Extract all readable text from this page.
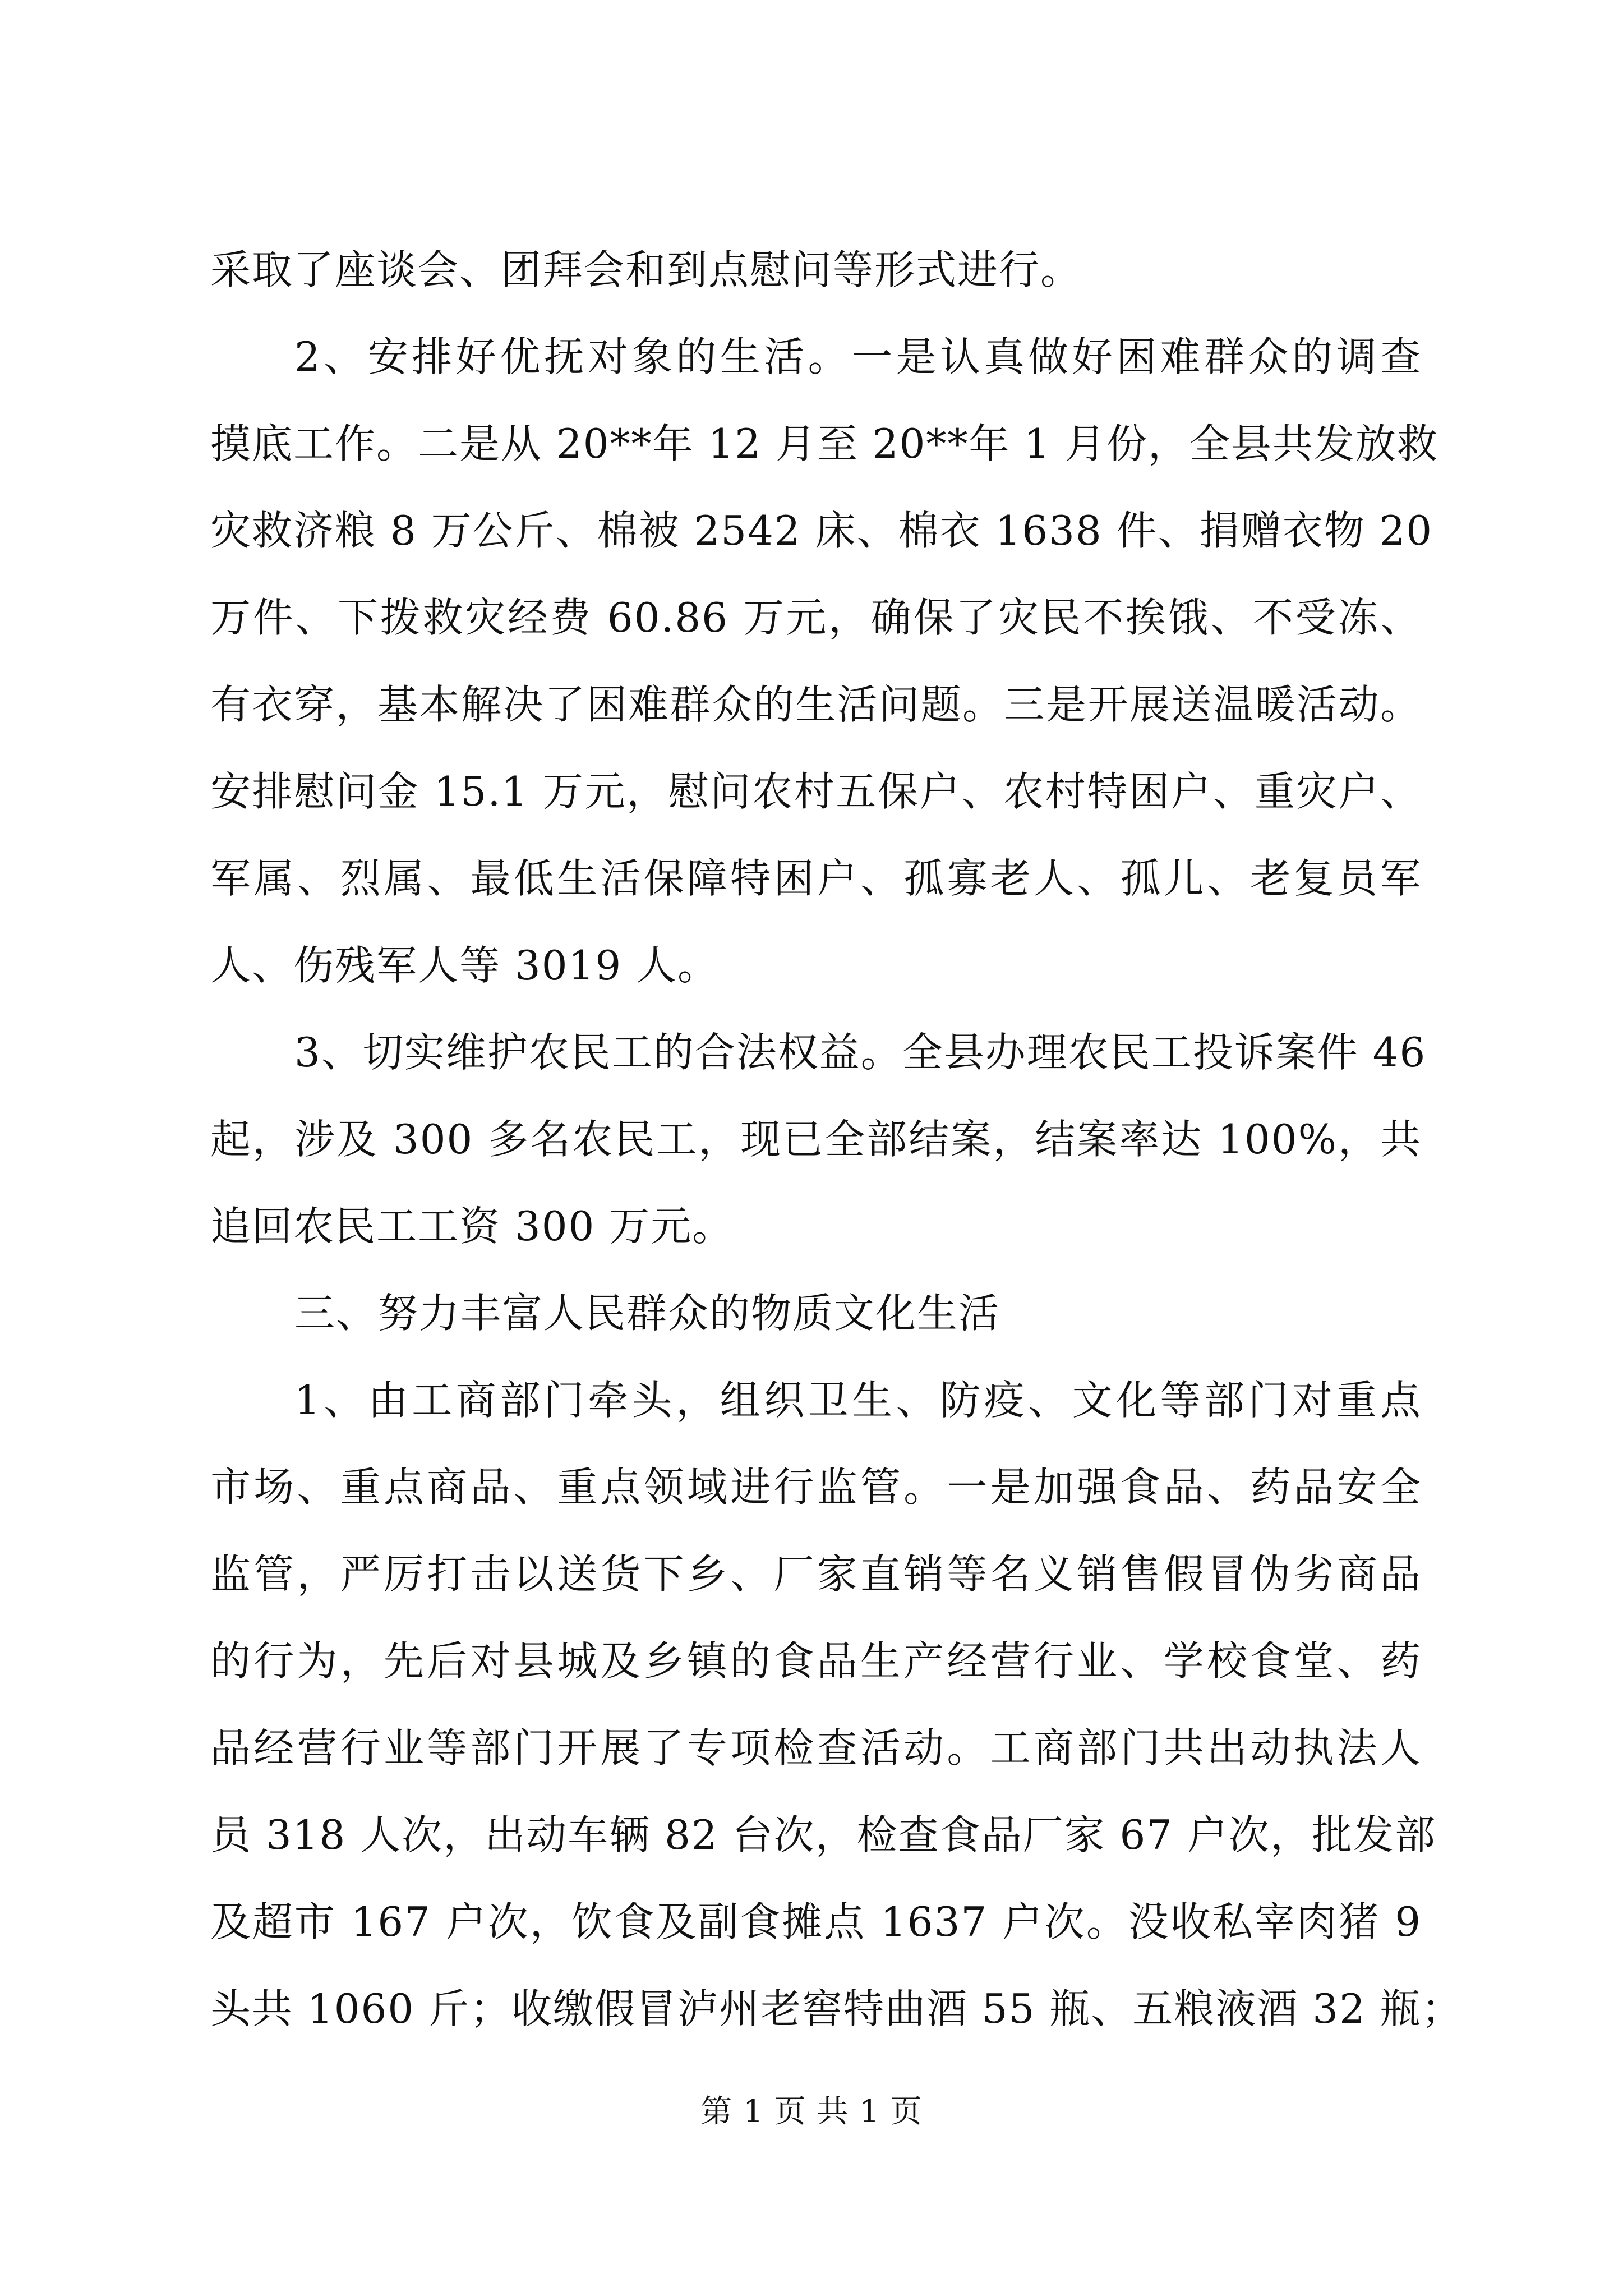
采取了座谈会、团拜会和到点慰问等形式进行。
2、安排好优抚对象的生活。一是认真做好困难群众的调查
摸底工作。二是从 20**年 12 月至 20**年 1 月份，全县共发放救
灾救济粮 8 万公斤、棉被 2542 床、棉衣 1638 件、捐赠衣物 20
万件、下拨救灾经费 60.86 万元，确保了灾民不挨饿、不受冻、
有衣穿，基本解决了困难群众的生活问题。三是开展送温暖活动。
安排慰问金 15.1 万元，慰问农村五保户、农村特困户、重灾户、
军属、烈属、最低生活保障特困户、孤寡老人、孤儿、老复员军
人、伤残军人等 3019 人。
3、切实维护农民工的合法权益。全县办理农民工投诉案件 46
起，涉及 300 多名农民工，现已全部结案，结案率达 100%，共
追回农民工工资 300 万元。
三、努力丰富人民群众的物质文化生活
1、由工商部门牵头，组织卫生、防疫、文化等部门对重点
市场、重点商品、重点领域进行监管。一是加强食品、药品安全
监管，严厉打击以送货下乡、厂家直销等名义销售假冒伪劣商品
的行为，先后对县城及乡镇的食品生产经营行业、学校食堂、药
品经营行业等部门开展了专项检查活动。工商部门共出动执法人
员 318 人次，出动车辆 82 台次，检查食品厂家 67 户次，批发部
及超市 167 户次，饮食及副食摊点 1637 户次。没收私宰肉猪 9
头共 1060 斤；收缴假冒泸州老窖特曲酒 55 瓶、五粮液酒 32 瓶；
第 1 页 共 1 页
